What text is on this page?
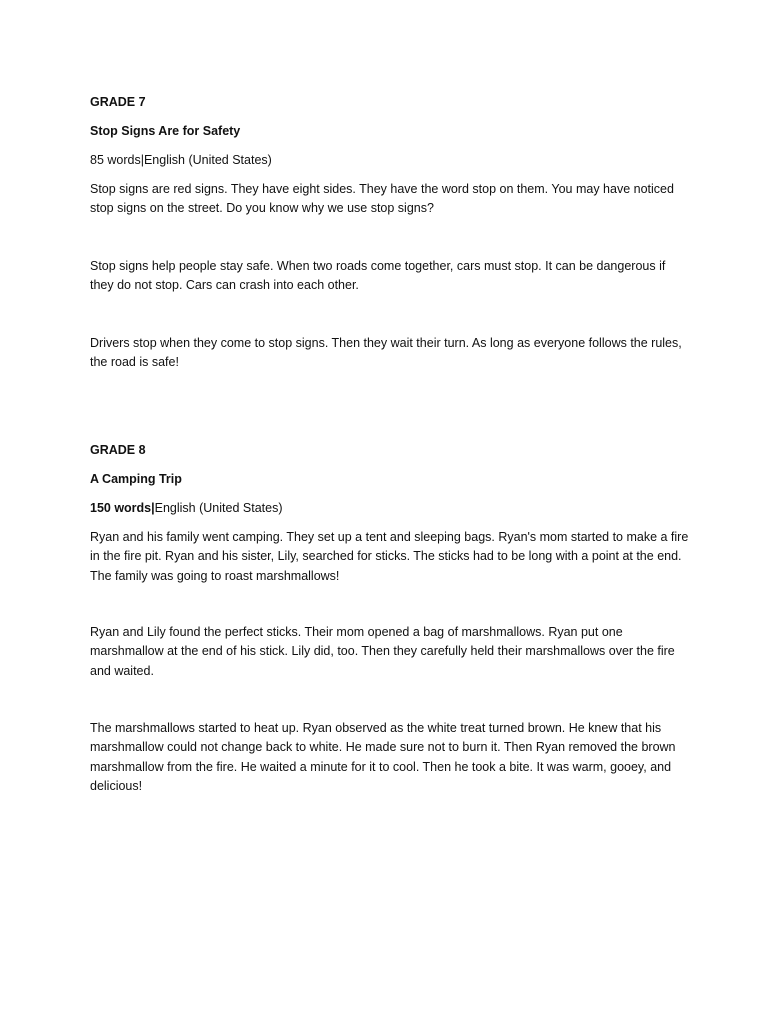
GRADE 7
Stop Signs Are for Safety
85 words|English (United States)
Stop signs are red signs. They have eight sides. They have the word stop on them. You may have noticed stop signs on the street. Do you know why we use stop signs?
Stop signs help people stay safe. When two roads come together, cars must stop. It can be dangerous if they do not stop. Cars can crash into each other.
Drivers stop when they come to stop signs. Then they wait their turn. As long as everyone follows the rules, the road is safe!
GRADE 8
A Camping Trip
150 words|English (United States)
Ryan and his family went camping. They set up a tent and sleeping bags. Ryan's mom started to make a fire in the fire pit. Ryan and his sister, Lily, searched for sticks. The sticks had to be long with a point at the end. The family was going to roast marshmallows!
Ryan and Lily found the perfect sticks. Their mom opened a bag of marshmallows. Ryan put one marshmallow at the end of his stick. Lily did, too. Then they carefully held their marshmallows over the fire and waited.
The marshmallows started to heat up. Ryan observed as the white treat turned brown. He knew that his marshmallow could not change back to white. He made sure not to burn it. Then Ryan removed the brown marshmallow from the fire. He waited a minute for it to cool. Then he took a bite. It was warm, gooey, and delicious!
